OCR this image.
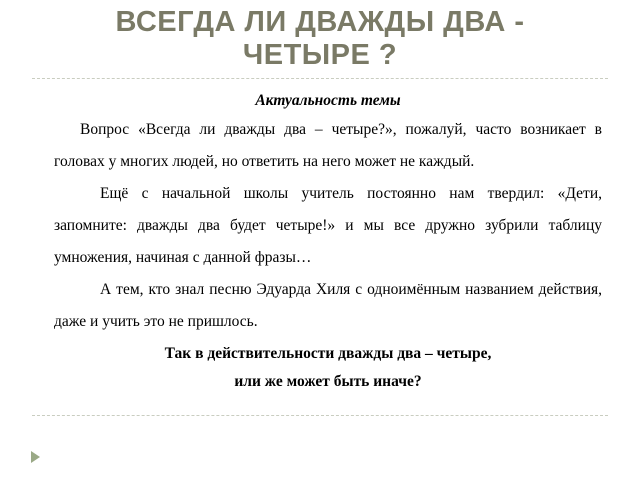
ВСЕГДА ЛИ ДВАЖДЫ ДВА -
ЧЕТЫРЕ ?

Актуальность темы

Вопрос «Всегда ли дважды два – четыре?», пожалуй, часто возникает в головах у многих людей, но ответить на него может не каждый.

Ещё с начальной школы учитель постоянно нам твердил: «Дети, запомните: дважды два будет четыре!» и мы все дружно зубрили таблицу умножения, начиная с данной фразы…

А тем, кто знал песню Эдуарда Хиля с одноимённым названием действия, даже и учить это не пришлось.

Так в действительности дважды два – четыре,
или же может быть иначе?
